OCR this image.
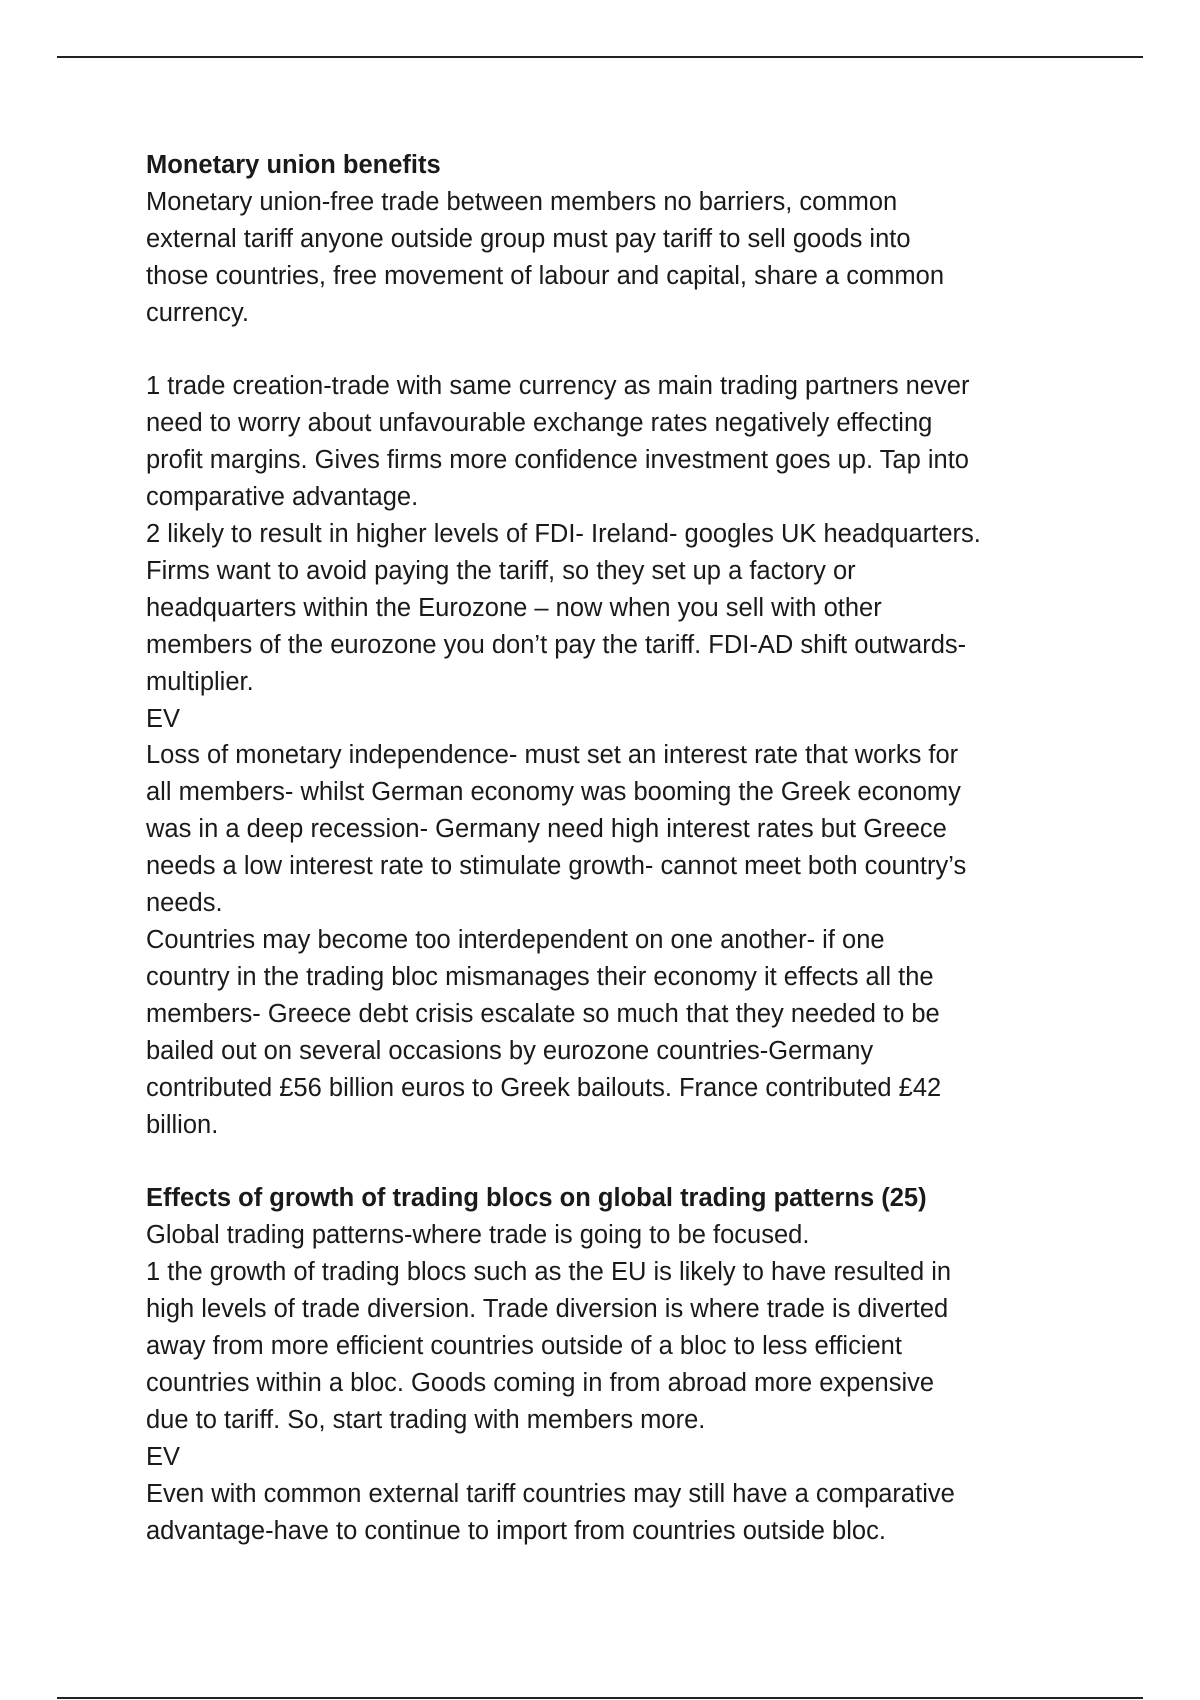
Monetary union benefits

Monetary union-free trade between members no barriers, common

external tariff anyone outside group must pay tariff to sell goods into

those countries, free movement of labour and capital, share a common

currency.

1 trade creation-trade with same currency as main trading partners never

need to worry about unfavourable exchange rates negatively effecting

profit margins. Gives firms more confidence investment goes up. Tap into

comparative advantage.

2 likely to result in higher levels of FDI- Ireland- googles UK headquarters.

Firms want to avoid paying the tariff, so they set up a factory or

headquarters within the Eurozone – now when you sell with other

members of the eurozone you don’t pay the tariff. FDI-AD shift outwards-

multiplier.

EV

Loss of monetary independence- must set an interest rate that works for

all members- whilst German economy was booming the Greek economy

was in a deep recession- Germany need high interest rates but Greece

needs a low interest rate to stimulate growth- cannot meet both country’s

needs.

Countries may become too interdependent on one another- if one

country in the trading bloc mismanages their economy it effects all the

members- Greece debt crisis escalate so much that they needed to be

bailed out on several occasions by eurozone countries-Germany

contributed £56 billion euros to Greek bailouts. France contributed £42

billion.

Effects of growth of trading blocs on global trading patterns (25)

Global trading patterns-where trade is going to be focused.

1 the growth of trading blocs such as the EU is likely to have resulted in

high levels of trade diversion. Trade diversion is where trade is diverted

away from more efficient countries outside of a bloc to less efficient

countries within a bloc. Goods coming in from abroad more expensive

due to tariff. So, start trading with members more.

EV

Even with common external tariff countries may still have a comparative

advantage-have to continue to import from countries outside bloc.
